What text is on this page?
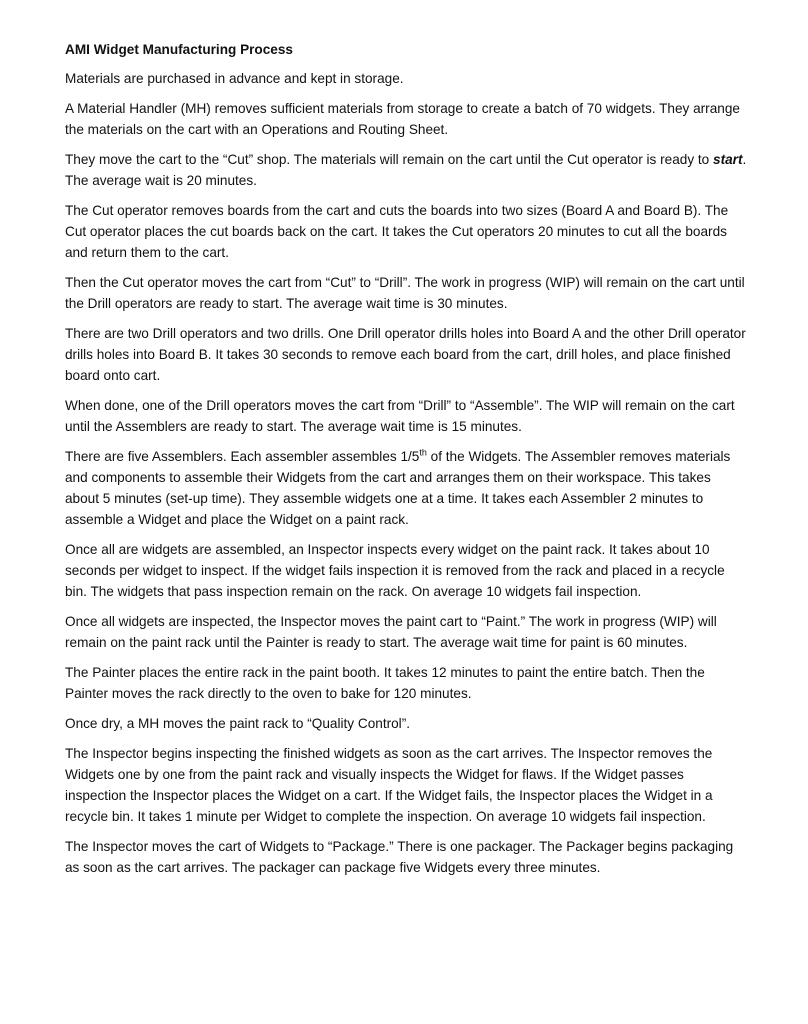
AMI Widget Manufacturing Process

Materials are purchased in advance and kept in storage.

A Material Handler (MH) removes sufficient materials from storage to create a batch of 70 widgets. They arrange the materials on the cart with an Operations and Routing Sheet.

They move the cart to the “Cut” shop. The materials will remain on the cart until the Cut operator is ready to start. The average wait is 20 minutes.

The Cut operator removes boards from the cart and cuts the boards into two sizes (Board A and Board B). The Cut operator places the cut boards back on the cart. It takes the Cut operators 20 minutes to cut all the boards and return them to the cart.

Then the Cut operator moves the cart from “Cut” to “Drill”. The work in progress (WIP) will remain on the cart until the Drill operators are ready to start. The average wait time is 30 minutes.

There are two Drill operators and two drills. One Drill operator drills holes into Board A and the other Drill operator drills holes into Board B. It takes 30 seconds to remove each board from the cart, drill holes, and place finished board onto cart.

When done, one of the Drill operators moves the cart from “Drill” to “Assemble”. The WIP will remain on the cart until the Assemblers are ready to start. The average wait time is 15 minutes.

There are five Assemblers. Each assembler assembles 1/5th of the Widgets. The Assembler removes materials and components to assemble their Widgets from the cart and arranges them on their workspace. This takes about 5 minutes (set-up time). They assemble widgets one at a time. It takes each Assembler 2 minutes to assemble a Widget and place the Widget on a paint rack.

Once all are widgets are assembled, an Inspector inspects every widget on the paint rack. It takes about 10 seconds per widget to inspect. If the widget fails inspection it is removed from the rack and placed in a recycle bin. The widgets that pass inspection remain on the rack. On average 10 widgets fail inspection.

Once all widgets are inspected, the Inspector moves the paint cart to “Paint.” The work in progress (WIP) will remain on the paint rack until the Painter is ready to start. The average wait time for paint is 60 minutes.

The Painter places the entire rack in the paint booth. It takes 12 minutes to paint the entire batch. Then the Painter moves the rack directly to the oven to bake for 120 minutes.

Once dry, a MH moves the paint rack to “Quality Control”.

The Inspector begins inspecting the finished widgets as soon as the cart arrives. The Inspector removes the Widgets one by one from the paint rack and visually inspects the Widget for flaws. If the Widget passes inspection the Inspector places the Widget on a cart. If the Widget fails, the Inspector places the Widget in a recycle bin. It takes 1 minute per Widget to complete the inspection. On average 10 widgets fail inspection.

The Inspector moves the cart of Widgets to “Package.” There is one packager. The Packager begins packaging as soon as the cart arrives. The packager can package five Widgets every three minutes.
